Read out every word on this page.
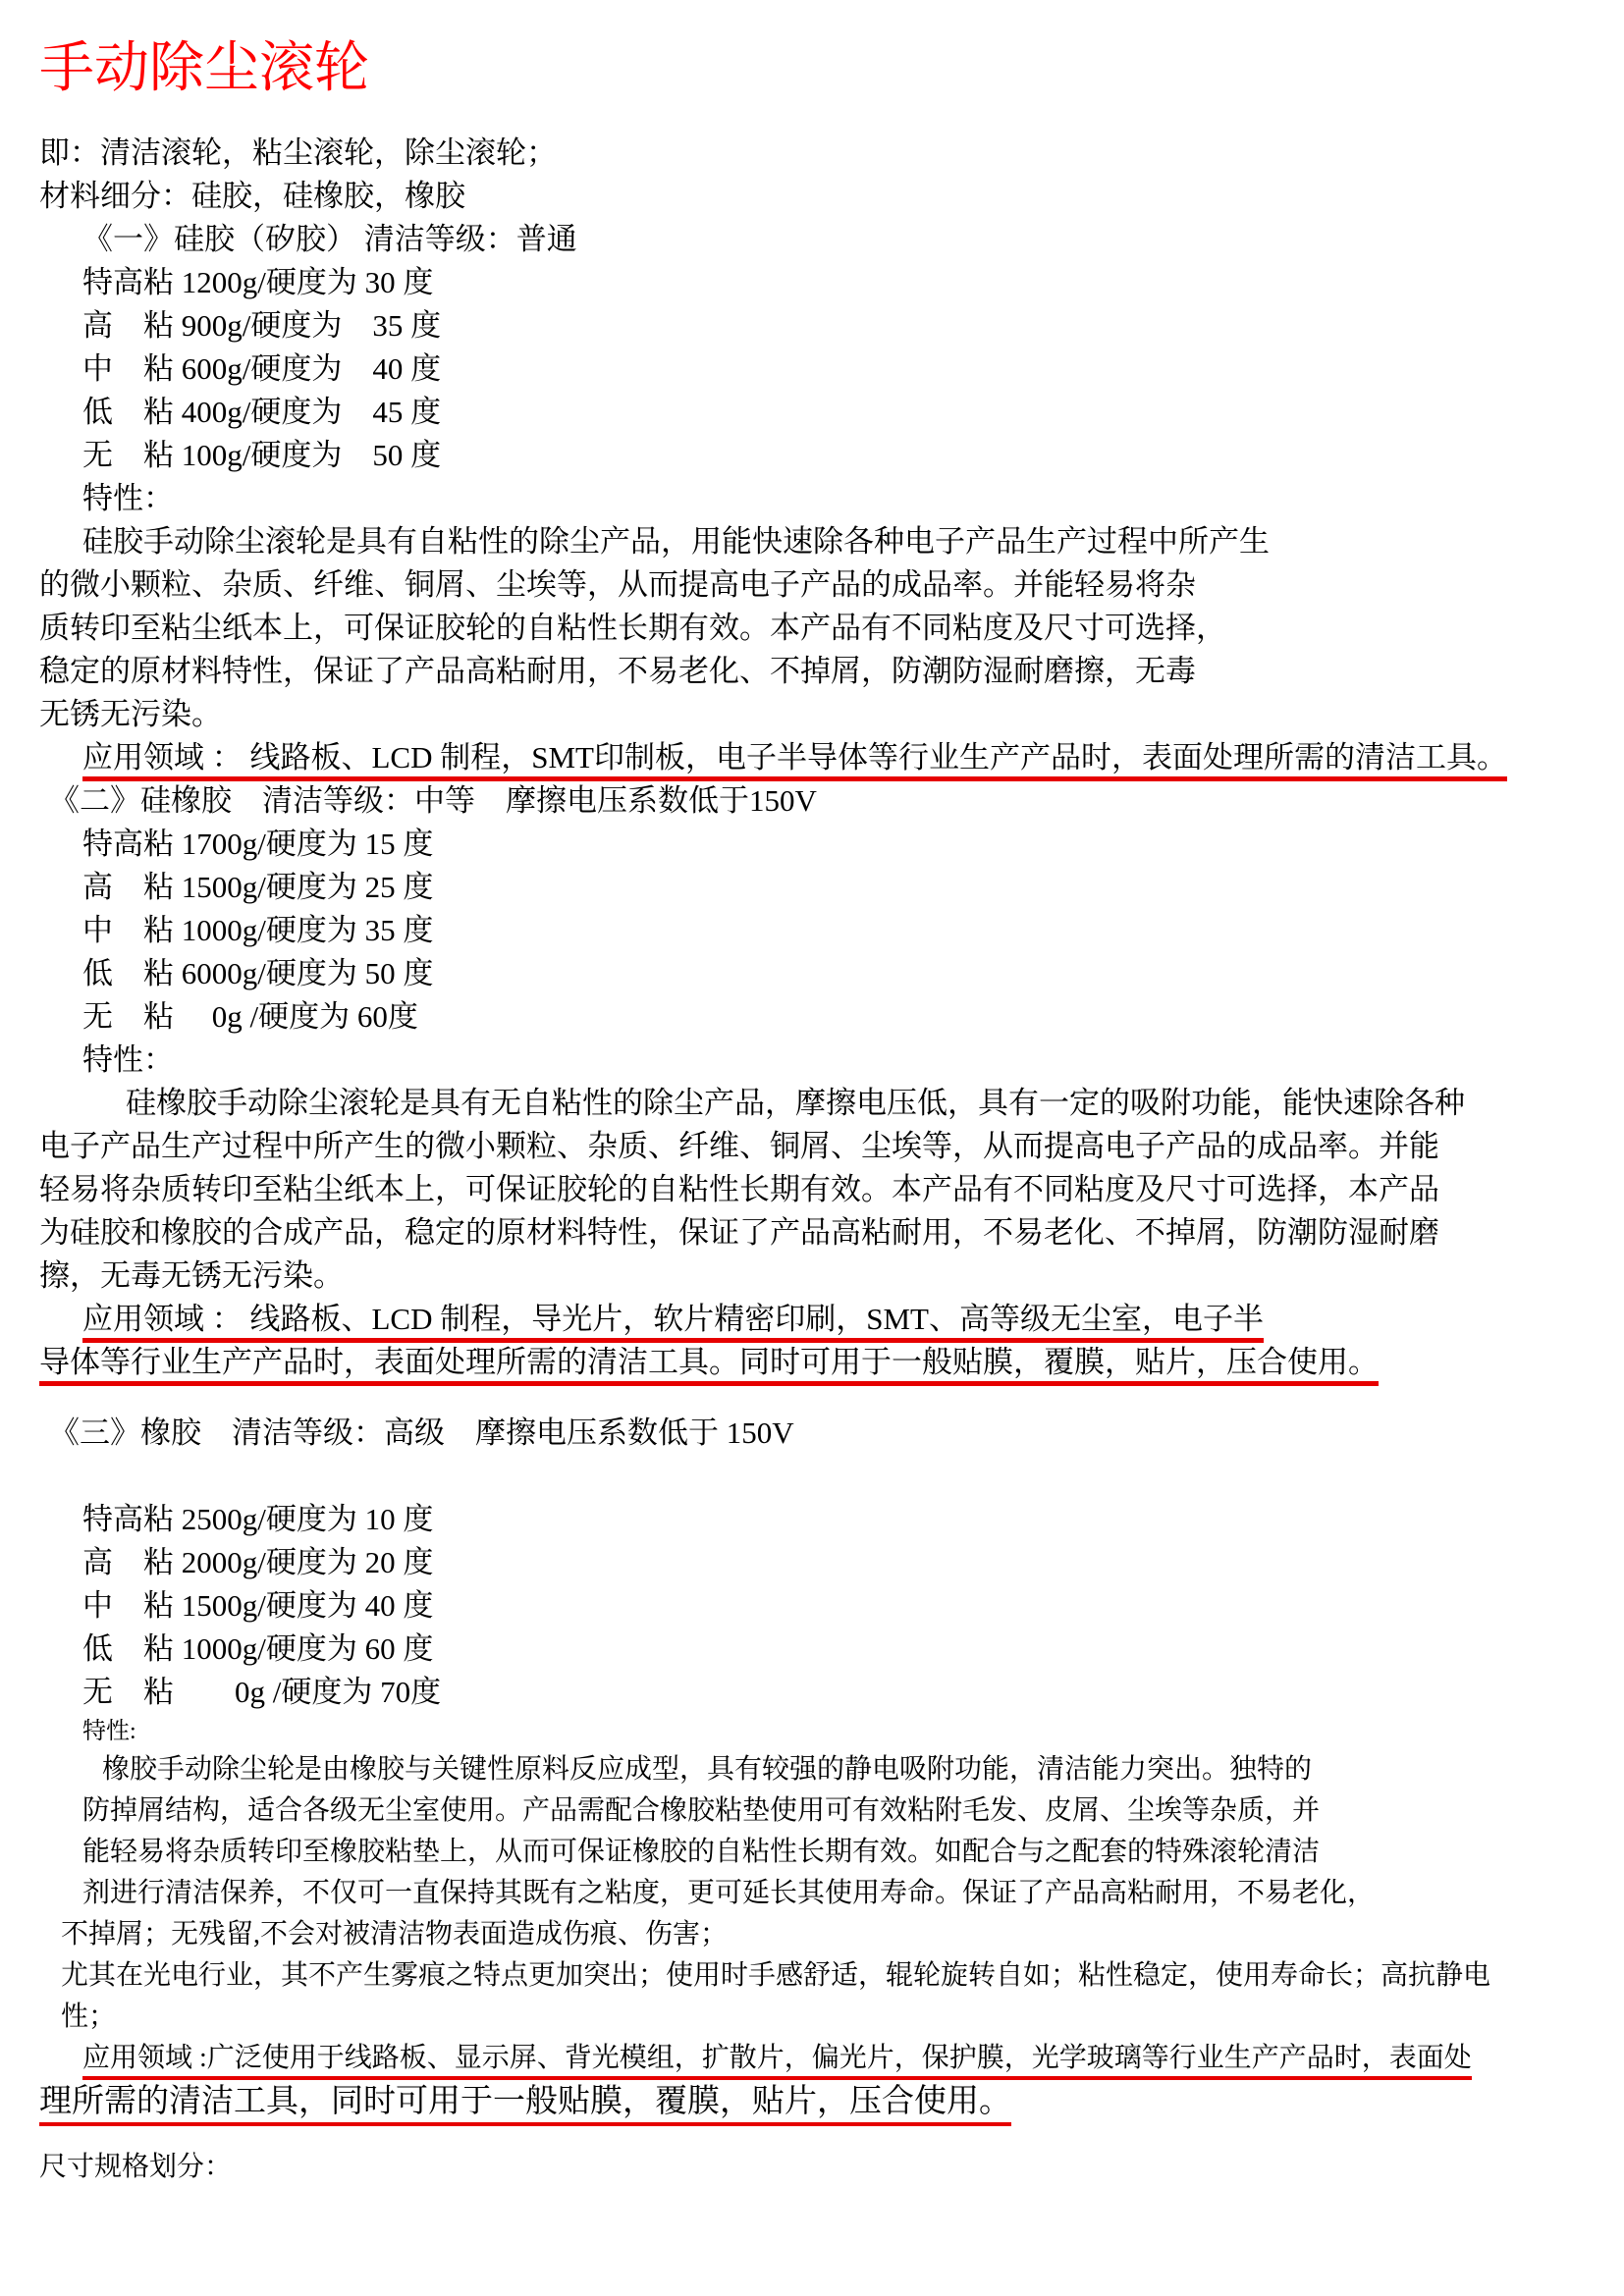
手动除尘滚轮
即：清洁滚轮，粘尘滚轮，除尘滚轮；
材料细分：硅胶，硅橡胶，橡胶
《一》硅胶（矽胶） 清洁等级：普通
特高粘 1200g/硬度为 30 度
高　粘 900g/硬度为　35 度
中　粘 600g/硬度为　40 度
低　粘 400g/硬度为　45 度
无　粘 100g/硬度为　50 度
特性：
硅胶手动除尘滚轮是具有自粘性的除尘产品，用能快速除各种电子产品生产过程中所产生
的微小颗粒、杂质、纤维、铜屑、尘埃等，从而提高电子产品的成品率。并能轻易将杂
质转印至粘尘纸本上，可保证胶轮的自粘性长期有效。本产品有不同粘度及尺寸可选择，
稳定的原材料特性，保证了产品高粘耐用，不易老化、不掉屑，防潮防湿耐磨擦，无毒
无锈无污染。
应用领域 ： 线路板、LCD 制程，SMT印制板，电子半导体等行业生产产品时，表面处理所需的清洁工具。
《二》硅橡胶　清洁等级：中等　摩擦电压系数低于150V
特高粘 1700g/硬度为 15 度
高　粘 1500g/硬度为 25 度
中　粘 1000g/硬度为 35 度
低　粘 6000g/硬度为 50 度
无　粘　 0g /硬度为 60度
特性：
硅橡胶手动除尘滚轮是具有无自粘性的除尘产品，摩擦电压低，具有一定的吸附功能，能快速除各种
电子产品生产过程中所产生的微小颗粒、杂质、纤维、铜屑、尘埃等，从而提高电子产品的成品率。并能
轻易将杂质转印至粘尘纸本上，可保证胶轮的自粘性长期有效。本产品有不同粘度及尺寸可选择，本产品
为硅胶和橡胶的合成产品，稳定的原材料特性，保证了产品高粘耐用，不易老化、不掉屑，防潮防湿耐磨
擦，无毒无锈无污染。
应用领域 ： 线路板、LCD 制程，导光片，软片精密印刷，SMT、高等级无尘室，电子半
导体等行业生产产品时，表面处理所需的清洁工具。同时可用于一般贴膜，覆膜，贴片，压合使用。
《三》橡胶　清洁等级：高级　摩擦电压系数低于 150V
特高粘 2500g/硬度为 10 度
高　粘 2000g/硬度为 20 度
中　粘 1500g/硬度为 40 度
低　粘 1000g/硬度为 60 度
无　粘　　0g /硬度为 70度
特性:
橡胶手动除尘轮是由橡胶与关键性原料反应成型，具有较强的静电吸附功能，清洁能力突出。独特的
防掉屑结构，适合各级无尘室使用。产品需配合橡胶粘垫使用可有效粘附毛发、皮屑、尘埃等杂质，并
能轻易将杂质转印至橡胶粘垫上，从而可保证橡胶的自粘性长期有效。如配合与之配套的特殊滚轮清洁
剂进行清洁保养，不仅可一直保持其既有之粘度，更可延长其使用寿命。保证了产品高粘耐用，不易老化，
不掉屑；无残留,不会对被清洁物表面造成伤痕、伤害；
尤其在光电行业，其不产生雾痕之特点更加突出；使用时手感舒适，辊轮旋转自如；粘性稳定，使用寿命长；高抗静电
性；
应用领域 :广泛使用于线路板、显示屏、背光模组，扩散片，偏光片，保护膜，光学玻璃等行业生产产品时，表面处
理所需的清洁工具，同时可用于一般贴膜，覆膜，贴片，压合使用。
尺寸规格划分：
